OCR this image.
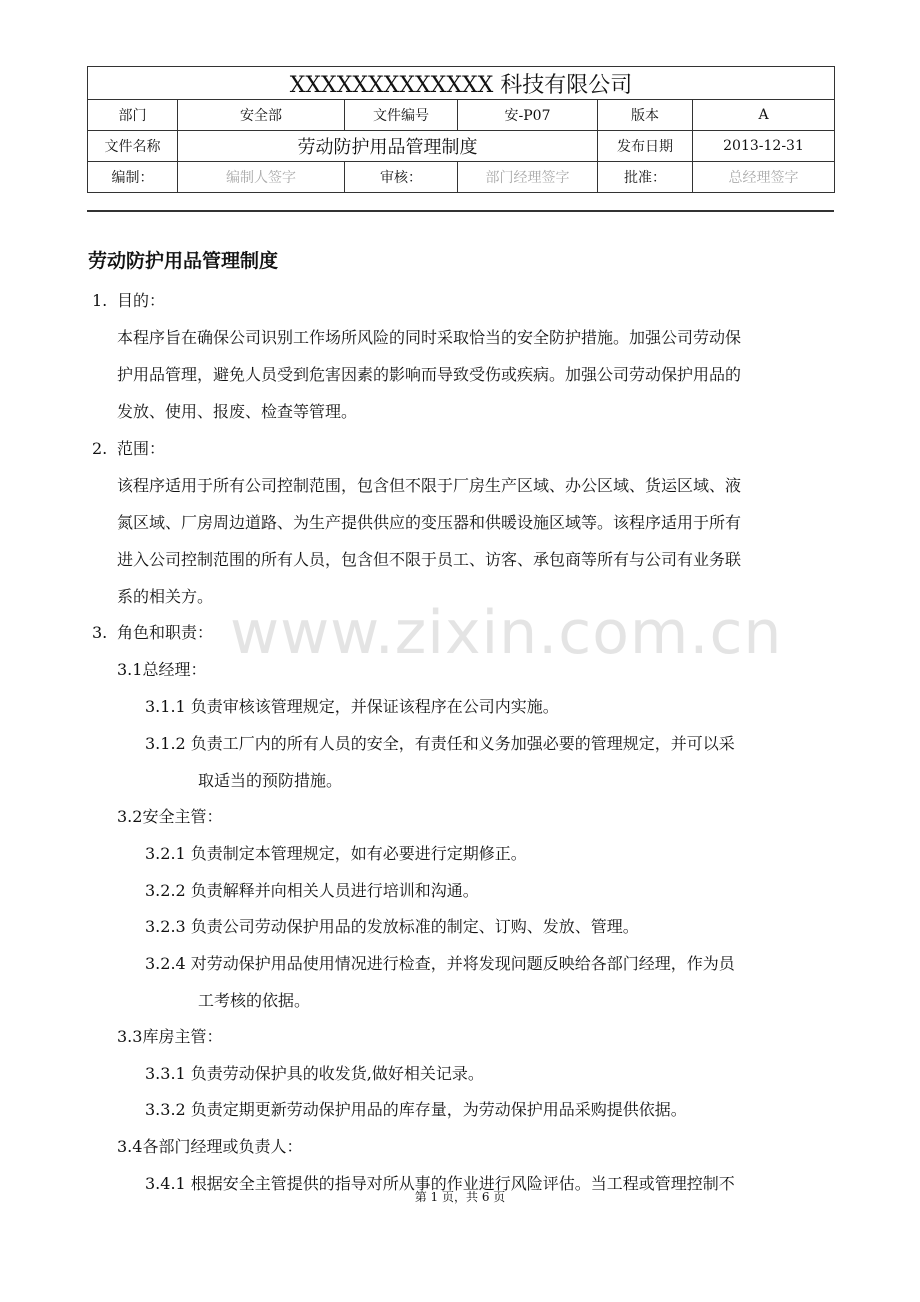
XXXXXXXXXXXXX 科技有限公司					
部门	安全部	文件编号	安-P07	版本	A
文件名称	劳动防护用品管理制度			发布日期	2013-12-31
编制：	编制人签字	审核：	部门经理签字	批准：	总经理签字
www.zixin.com.cn
劳动防护用品管理制度
1. 目的：
本程序旨在确保公司识别工作场所风险的同时采取恰当的安全防护措施。加强公司劳动保
护用品管理，避免人员受到危害因素的影响而导致受伤或疾病。加强公司劳动保护用品的
发放、使用、报废、检查等管理。
2. 范围：
该程序适用于所有公司控制范围，包含但不限于厂房生产区域、办公区域、货运区域、液
氮区域、厂房周边道路、为生产提供供应的变压器和供暖设施区域等。该程序适用于所有
进入公司控制范围的所有人员，包含但不限于员工、访客、承包商等所有与公司有业务联
系的相关方。
3. 角色和职责：
3.1总经理：
3.1.1 负责审核该管理规定，并保证该程序在公司内实施。
3.1.2 负责工厂内的所有人员的安全，有责任和义务加强必要的管理规定，并可以采
取适当的预防措施。
3.2安全主管：
3.2.1 负责制定本管理规定，如有必要进行定期修正。
3.2.2 负责解释并向相关人员进行培训和沟通。
3.2.3 负责公司劳动保护用品的发放标准的制定、订购、发放、管理。
3.2.4 对劳动保护用品使用情况进行检查，并将发现问题反映给各部门经理，作为员
工考核的依据。
3.3库房主管：
3.3.1 负责劳动保护具的收发货,做好相关记录。
3.3.2 负责定期更新劳动保护用品的库存量，为劳动保护用品采购提供依据。
3.4各部门经理或负责人：
3.4.1 根据安全主管提供的指导对所从事的作业进行风险评估。当工程或管理控制不
第 1 页，共 6 页
